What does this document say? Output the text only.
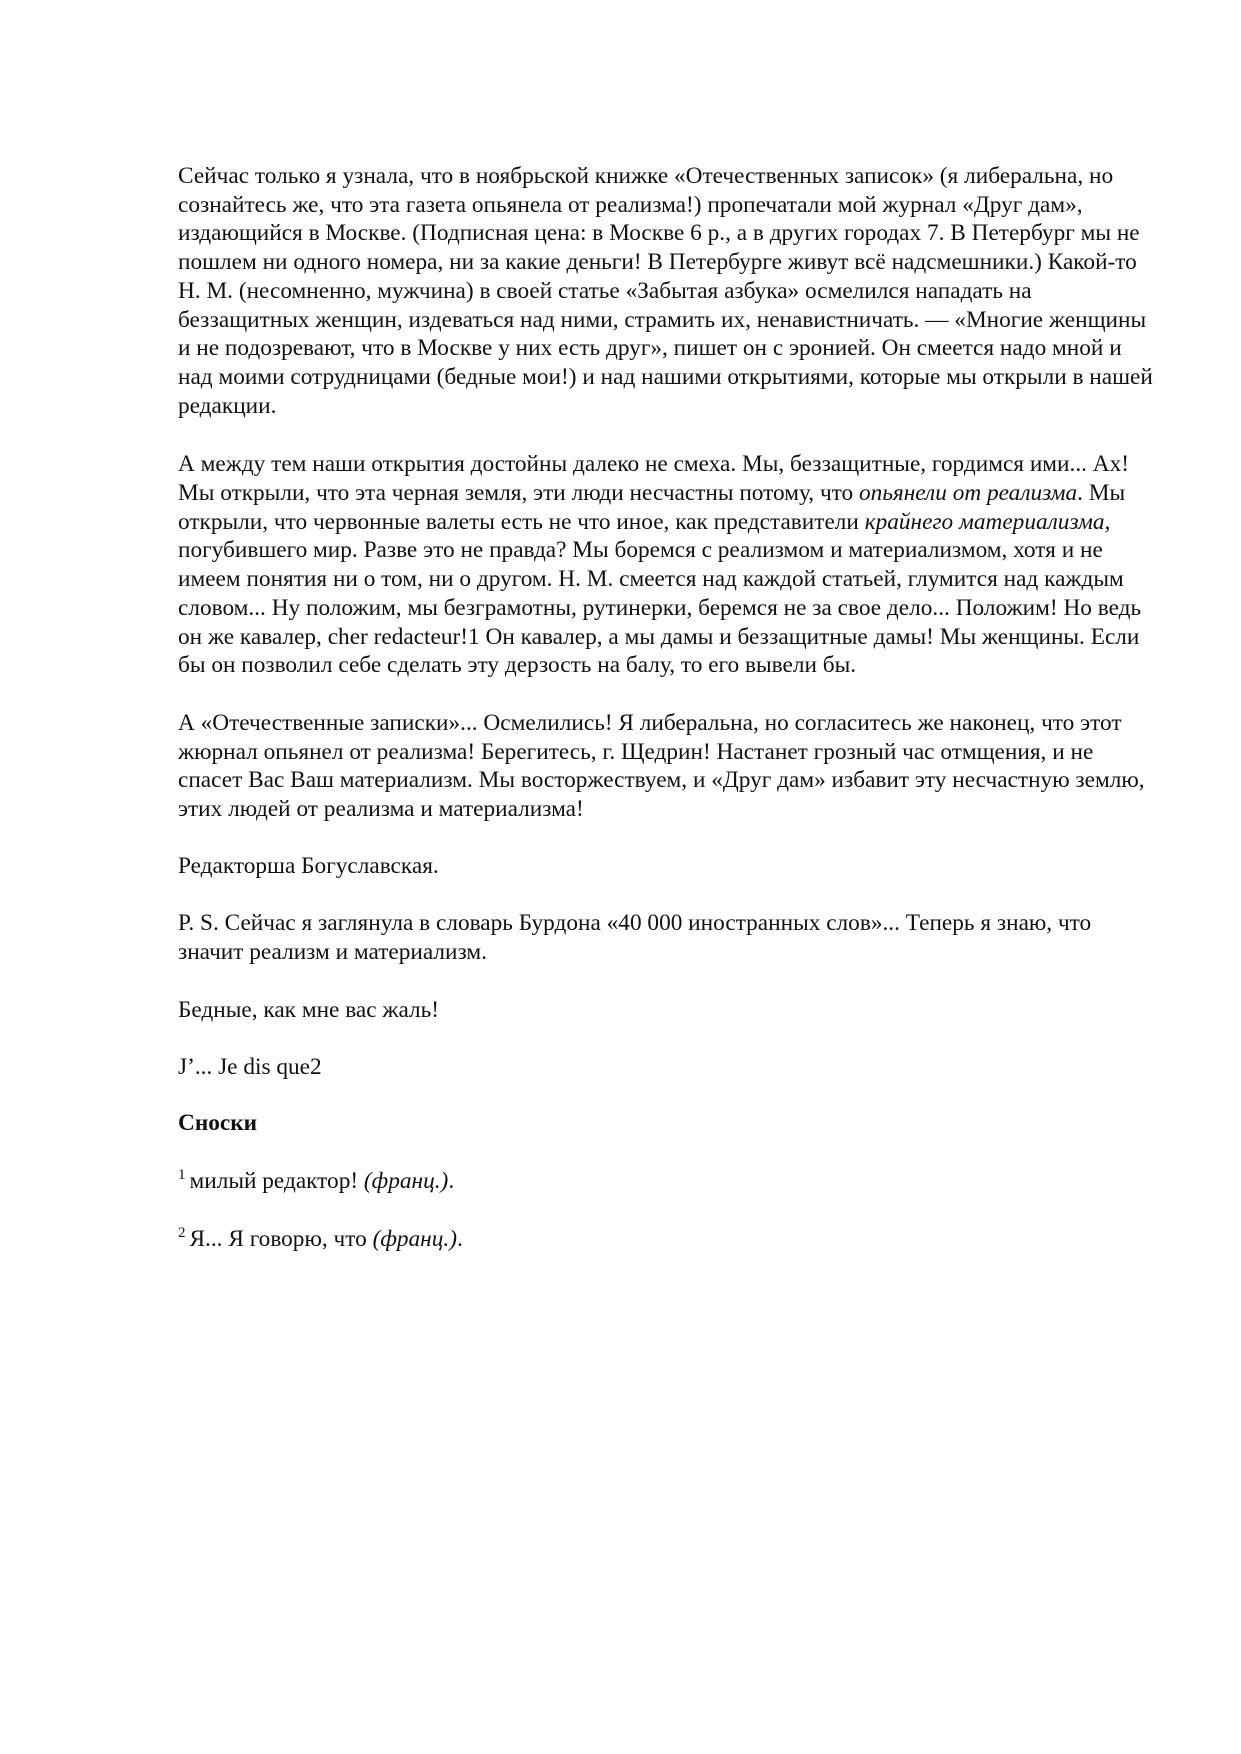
Сейчас только я узнала, что в ноябрьской книжке «Отечественных записок» (я либеральна, но сознайтесь же, что эта газета опьянела от реализма!) пропечатали мой журнал «Друг дам», издающийся в Москве. (Подписная цена: в Москве 6 р., а в других городах 7. В Петербург мы не пошлем ни одного номера, ни за какие деньги! В Петербурге живут всё надсмешники.) Какой-то Н. М. (несомненно, мужчина) в своей статье «Забытая азбука» осмелился нападать на беззащитных женщин, издеваться над ними, страмить их, ненавистничать. — «Многие женщины и не подозревают, что в Москве у них есть друг», пишет он с эронией. Он смеется надо мной и над моими сотрудницами (бедные мои!) и над нашими открытиями, которые мы открыли в нашей редакции.

А между тем наши открытия достойны далеко не смеха. Мы, беззащитные, гордимся ими... Ах! Мы открыли, что эта черная земля, эти люди несчастны потому, что опьянели от реализма. Мы открыли, что червонные валеты есть не что иное, как представители крайнего материализма, погубившего мир. Разве это не правда? Мы боремся с реализмом и материализмом, хотя и не имеем понятия ни о том, ни о другом. Н. М. смеется над каждой статьей, глумится над каждым словом... Ну положим, мы безграмотны, рутинерки, беремся не за свое дело... Положим! Но ведь он же кавалер, cher redacteur!1 Он кавалер, а мы дамы и беззащитные дамы! Мы женщины. Если бы он позволил себе сделать эту дерзость на балу, то его вывели бы.

А «Отечественные записки»... Осмелились! Я либеральна, но согласитесь же наконец, что этот жюрнал опьянел от реализма! Берегитесь, г. Щедрин! Настанет грозный час отмщения, и не спасет Вас Ваш материализм. Мы восторжествуем, и «Друг дам» избавит эту несчастную землю, этих людей от реализма и материализма!

Редакторша Богуславская.

P. S. Сейчас я заглянула в словарь Бурдона «40 000 иностранных слов»... Теперь я знаю, что значит реализм и материализм.

Бедные, как мне вас жаль!

J’... Je dis que2

Сноски

$^1$ милый редактор! (франц.).

$^2$ Я... Я говорю, что (франц.).
